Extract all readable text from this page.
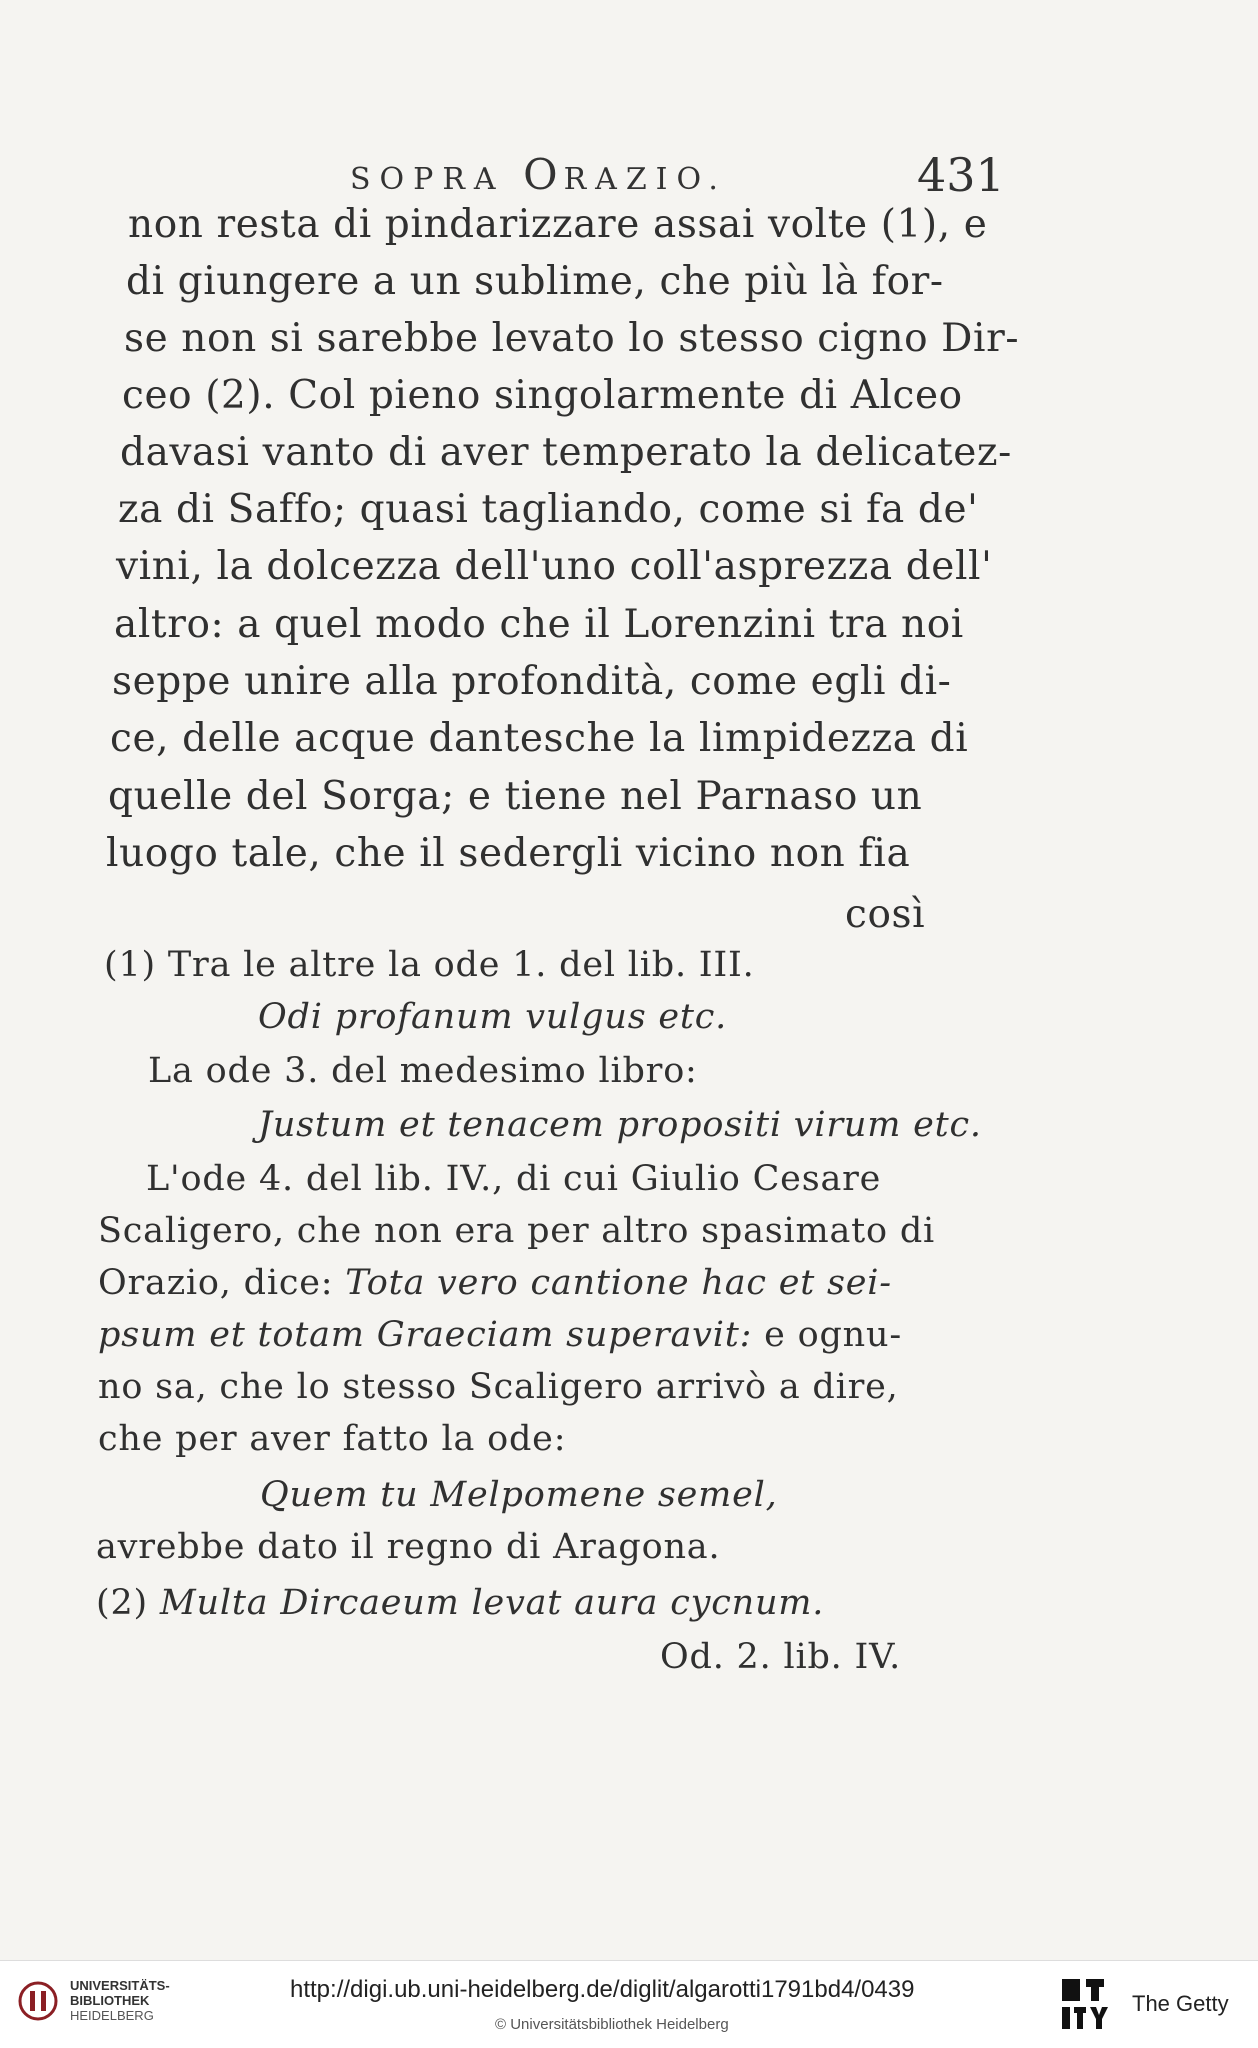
SOPRA ORAZIO.	431
non resta di pindarizzare assai volte (1), e
di giungere a un sublime, che più là for-
se non si sarebbe levato lo stesso cigno Dir-
ceo (2). Col pieno singolarmente di Alceo
davasi vanto di aver temperato la delicatez-
za di Saffo; quasi tagliando, come si fa de'
vini, la dolcezza dell'uno coll'asprezza dell'
altro: a quel modo che il Lorenzini tra noi
seppe unire alla profondità, come egli di-
ce, delle acque dantesche la limpidezza di
quelle del Sorga; e tiene nel Parnaso un
luogo tale, che il sedergli vicino non fia
così
(1) Tra le altre la ode 1. del lib. III.
Odi profanum vulgus etc.
La ode 3. del medesimo libro:
Justum et tenacem propositi virum etc.
L'ode 4. del lib. IV., di cui Giulio Cesare
Scaligero, che non era per altro spasimato di
Orazio, dice: Tota vero cantione hac et sei-
psum et totam Graeciam superavit: e ognu-
no sa, che lo stesso Scaligero arrivò a dire,
che per aver fatto la ode:
Quem tu Melpomene semel,
avrebbe dato il regno di Aragona.
(2) Multa Dircaeum levat aura cycnum.
Od. 2. lib. IV.
UNIVERSITÄTS-
BIBLIOTHEK
HEIDELBERG
http://digi.ub.uni-heidelberg.de/diglit/algarotti1791bd4/0439
© Universitätsbibliothek Heidelberg
The Getty
